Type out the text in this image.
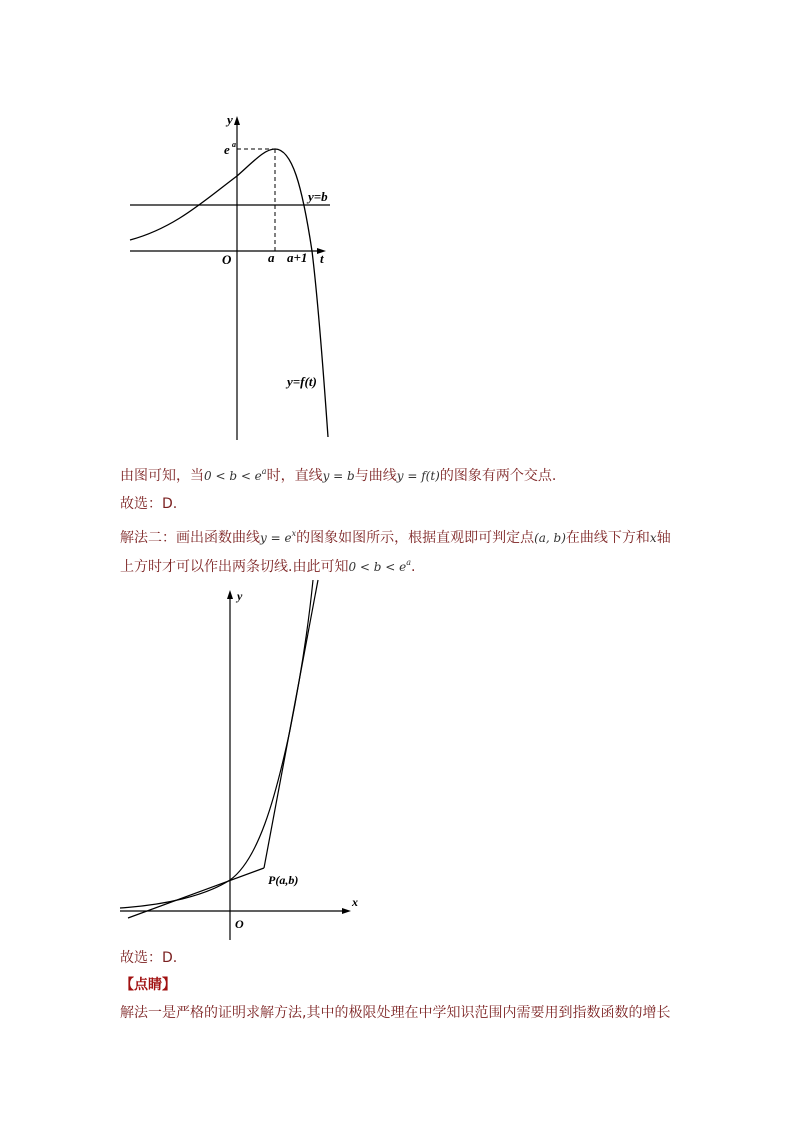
y
e a
y=b
O	a a+1 t
y=f(t)
y
x
O
P(a,b)
由图可知，当$0 < b < e^a$时，直线y = b与曲线y = f(t)的图象有两个交点.
故选：D.
解法二：画出函数曲线$y = e^x$的图象如图所示，根据直观即可判定点(a, b)在曲线下方和x轴
上方时才可以作出两条切线.由此可知$0 < b < e^a$.
故选：D.
【点睛】
解法一是严格的证明求解方法,其中的极限处理在中学知识范围内需要用到指数函数的增长
